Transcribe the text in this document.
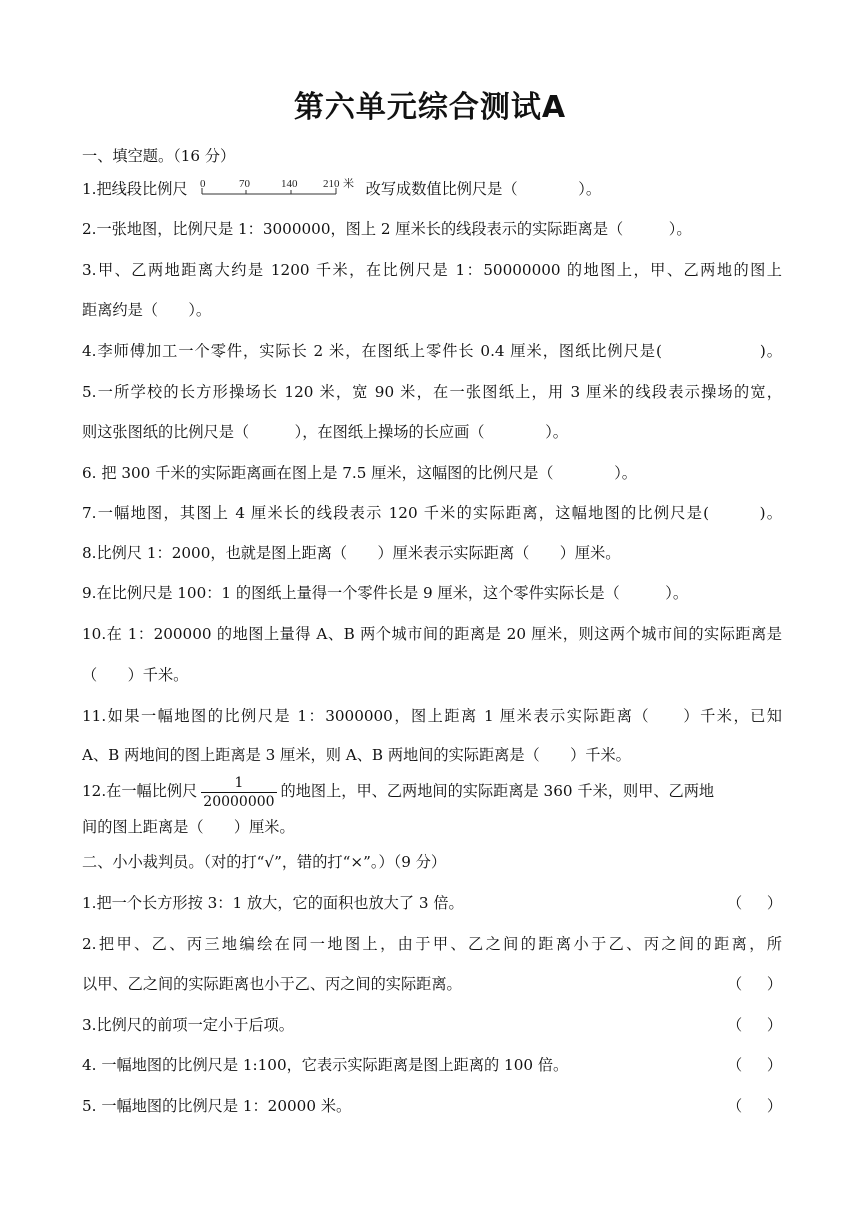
第六单元综合测试A
一、填空题。（16 分）
1.把线段比例尺 0	70	140 210 米 改写成数值比例尺是（　　　　）。
2.一张地图，比例尺是 1：3000000，图上 2 厘米长的线段表示的实际距离是（　　　）。
3.甲、乙两地距离大约是 1200 千米，在比例尺是 1：50000000 的地图上，甲、乙两地的图上
距离约是（　　）。
4.李师傅加工一个零件，实际长 2 米，在图纸上零件长 0.4 厘米，图纸比例尺是(　　　　　　)。
5.一所学校的长方形操场长 120 米，宽 90 米，在一张图纸上，用 3 厘米的线段表示操场的宽，
则这张图纸的比例尺是（　　　），在图纸上操场的长应画（　　　　）。
6. 把 300 千米的实际距离画在图上是 7.5 厘米，这幅图的比例尺是（　　　　）。
7.一幅地图，其图上 4 厘米长的线段表示 120 千米的实际距离，这幅地图的比例尺是(　　　)。
8.比例尺 1：2000，也就是图上距离（　　）厘米表示实际距离（　　）厘米。
9.在比例尺是 100：1 的图纸上量得一个零件长是 9 厘米，这个零件实际长是（　　　）。
10.在 1：200000 的地图上量得 A、B 两个城市间的距离是 20 厘米，则这两个城市间的实际距离是
（　　）千米。
11.如果一幅地图的比例尺是 1：3000000，图上距离 1 厘米表示实际距离（　　）千米，已知
A、B 两地间的图上距离是 3 厘米，则 A、B 两地间的实际距离是（　　）千米。
12.在一幅比例尺 $\frac{1}{20000000}$ 的地图上，甲、乙两地间的实际距离是 360 千米，则甲、乙两地
间的图上距离是（　　）厘米。
二、小小裁判员。（对的打“√”，错的打“×”。）（9 分）
1.把一个长方形按 3：1 放大，它的面积也放大了 3 倍。	（ ）
2.把甲、乙、丙三地编绘在同一地图上，由于甲、乙之间的距离小于乙、丙之间的距离，所
以甲、乙之间的实际距离也小于乙、丙之间的实际距离。	（ ）
3.比例尺的前项一定小于后项。	（ ）
4. 一幅地图的比例尺是 1:100，它表示实际距离是图上距离的 100 倍。	（ ）
5. 一幅地图的比例尺是 1：20000 米。	（ ）
